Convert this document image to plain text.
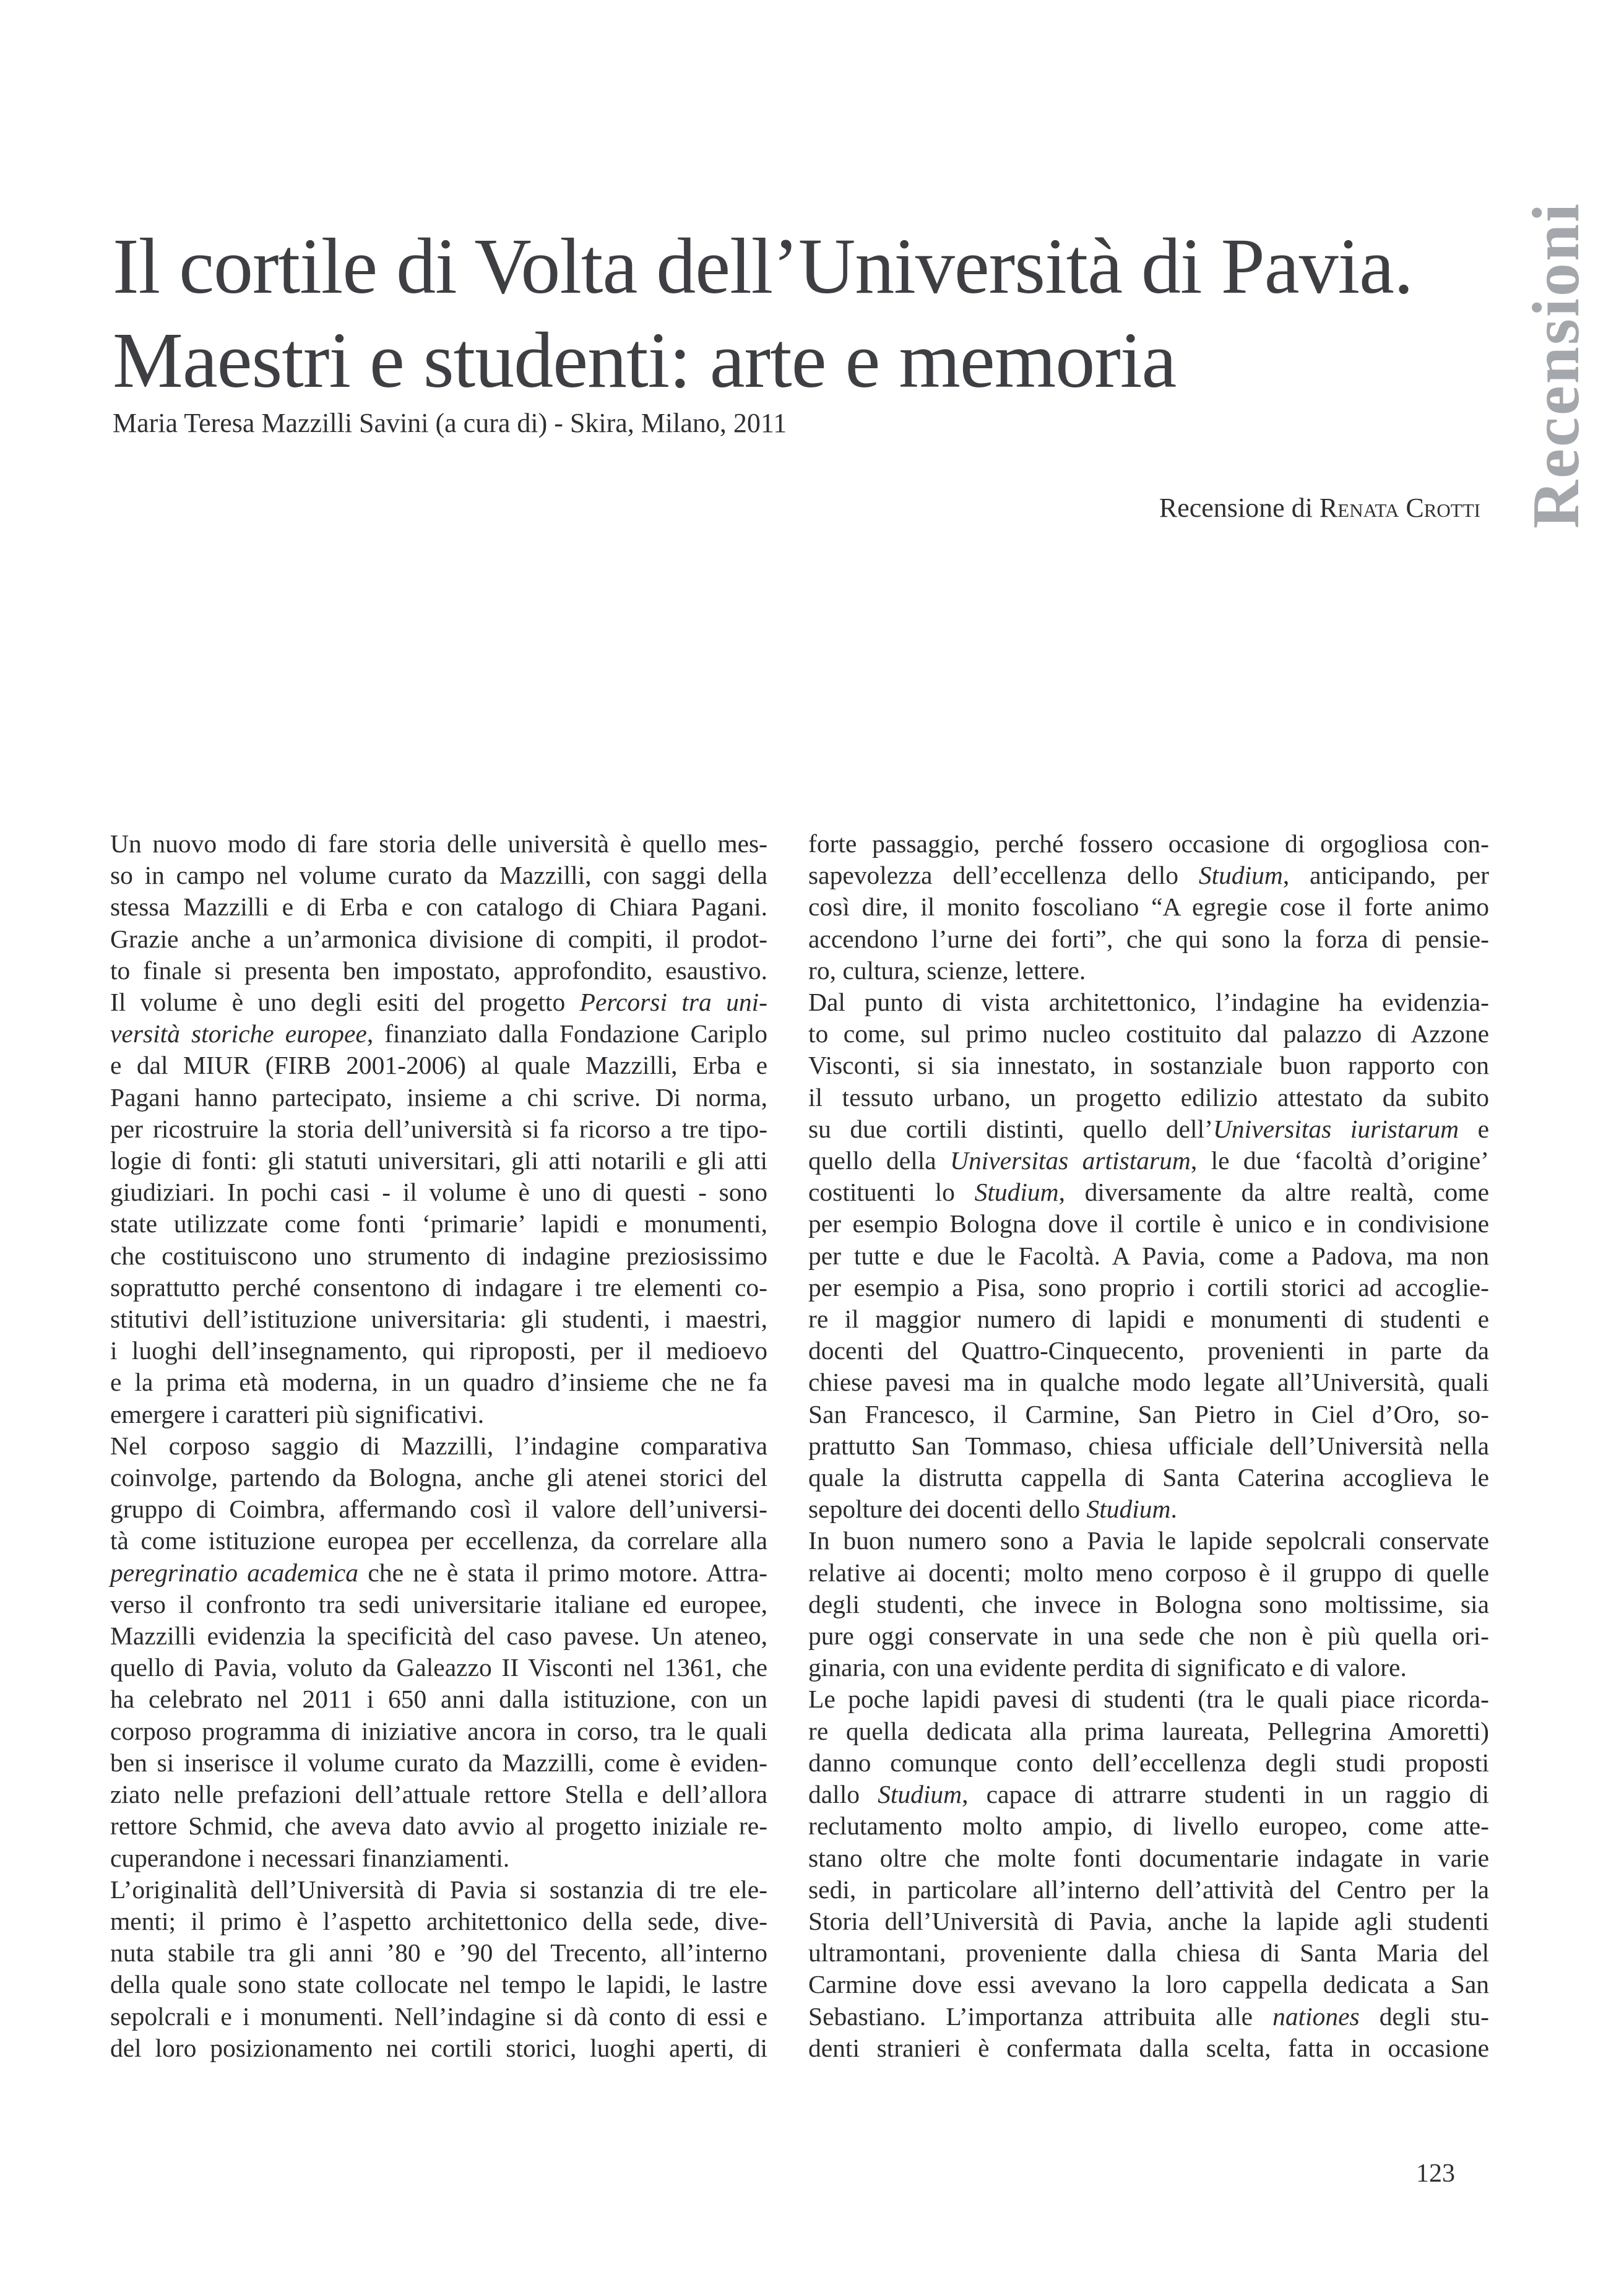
Il cortile di Volta dell’Università di Pavia.
Maestri e studenti: arte e memoria
Maria Teresa Mazzilli Savini (a cura di) - Skira, Milano, 2011
Recensione di Renata Crotti Recensioni
Un nuovo modo di fare storia delle università è quello mes-
so in campo nel volume curato da Mazzilli, con saggi della
stessa Mazzilli e di Erba e con catalogo di Chiara Pagani.
Grazie anche a un’armonica divisione di compiti, il prodot-
to finale si presenta ben impostato, approfondito, esaustivo.
Il volume è uno degli esiti del progetto Percorsi tra uni-
versità storiche europee, finanziato dalla Fondazione Cariplo
e dal MIUR (FIRB 2001-2006) al quale Mazzilli, Erba e
Pagani hanno partecipato, insieme a chi scrive. Di norma,
per ricostruire la storia dell’università si fa ricorso a tre tipo-
logie di fonti: gli statuti universitari, gli atti notarili e gli atti
giudiziari. In pochi casi - il volume è uno di questi - sono
state utilizzate come fonti ‘primarie’ lapidi e monumenti,
che costituiscono uno strumento di indagine preziosissimo
soprattutto perché consentono di indagare i tre elementi co-
stitutivi dell’istituzione universitaria: gli studenti, i maestri,
i luoghi dell’insegnamento, qui riproposti, per il medioevo
e la prima età moderna, in un quadro d’insieme che ne fa
emergere i caratteri più significativi.
Nel corposo saggio di Mazzilli, l’indagine comparativa
coinvolge, partendo da Bologna, anche gli atenei storici del
gruppo di Coimbra, affermando così il valore dell’universi-
tà come istituzione europea per eccellenza, da correlare alla
peregrinatio academica che ne è stata il primo motore. Attra-
verso il confronto tra sedi universitarie italiane ed europee,
Mazzilli evidenzia la specificità del caso pavese. Un ateneo,
quello di Pavia, voluto da Galeazzo II Visconti nel 1361, che
ha celebrato nel 2011 i 650 anni dalla istituzione, con un
corposo programma di iniziative ancora in corso, tra le quali
ben si inserisce il volume curato da Mazzilli, come è eviden-
ziato nelle prefazioni dell’attuale rettore Stella e dell’allora
rettore Schmid, che aveva dato avvio al progetto iniziale re-
cuperandone i necessari finanziamenti.
L’originalità dell’Università di Pavia si sostanzia di tre ele-
menti; il primo è l’aspetto architettonico della sede, dive-
nuta stabile tra gli anni ’80 e ’90 del Trecento, all’interno
della quale sono state collocate nel tempo le lapidi, le lastre
sepolcrali e i monumenti. Nell’indagine si dà conto di essi e
del loro posizionamento nei cortili storici, luoghi aperti, di
forte passaggio, perché fossero occasione di orgogliosa con-
sapevolezza dell’eccellenza dello Studium, anticipando, per
così dire, il monito foscoliano “A egregie cose il forte animo
accendono l’urne dei forti”, che qui sono la forza di pensie-
ro, cultura, scienze, lettere.
Dal punto di vista architettonico, l’indagine ha evidenzia-
to come, sul primo nucleo costituito dal palazzo di Azzone
Visconti, si sia innestato, in sostanziale buon rapporto con
il tessuto urbano, un progetto edilizio attestato da subito
su due cortili distinti, quello dell’Universitas iuristarum e
quello della Universitas artistarum, le due ‘facoltà d’origine’
costituenti lo Studium, diversamente da altre realtà, come
per esempio Bologna dove il cortile è unico e in condivisione
per tutte e due le Facoltà. A Pavia, come a Padova, ma non
per esempio a Pisa, sono proprio i cortili storici ad accoglie-
re il maggior numero di lapidi e monumenti di studenti e
docenti del Quattro-Cinquecento, provenienti in parte da
chiese pavesi ma in qualche modo legate all’Università, quali
San Francesco, il Carmine, San Pietro in Ciel d’Oro, so-
prattutto San Tommaso, chiesa ufficiale dell’Università nella
quale la distrutta cappella di Santa Caterina accoglieva le
sepolture dei docenti dello Studium.
In buon numero sono a Pavia le lapide sepolcrali conservate
relative ai docenti; molto meno corposo è il gruppo di quelle
degli studenti, che invece in Bologna sono moltissime, sia
pure oggi conservate in una sede che non è più quella ori-
ginaria, con una evidente perdita di significato e di valore.
Le poche lapidi pavesi di studenti (tra le quali piace ricorda-
re quella dedicata alla prima laureata, Pellegrina Amoretti)
danno comunque conto dell’eccellenza degli studi proposti
dallo Studium, capace di attrarre studenti in un raggio di
reclutamento molto ampio, di livello europeo, come atte-
stano oltre che molte fonti documentarie indagate in varie
sedi, in particolare all’interno dell’attività del Centro per la
Storia dell’Università di Pavia, anche la lapide agli studenti
ultramontani, proveniente dalla chiesa di Santa Maria del
Carmine dove essi avevano la loro cappella dedicata a San
Sebastiano. L’importanza attribuita alle nationes degli stu-
denti stranieri è confermata dalla scelta, fatta in occasione
123
